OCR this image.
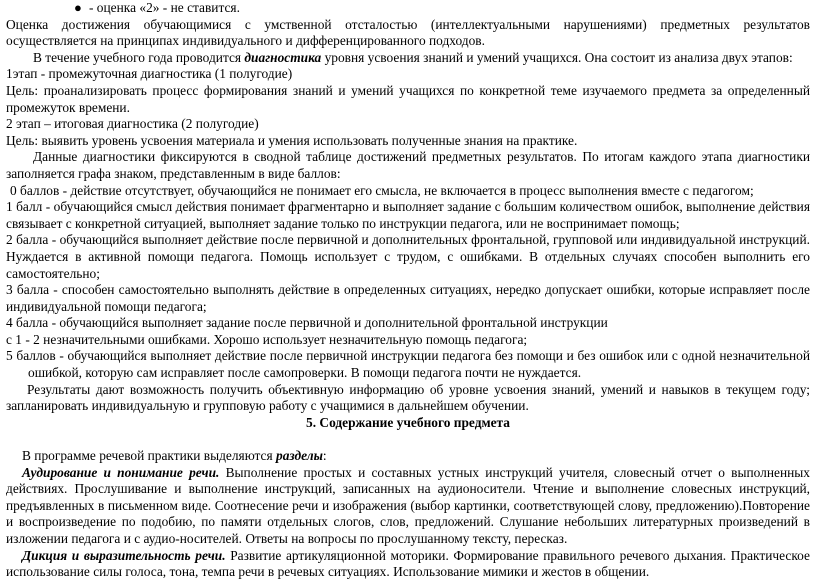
● - оценка «2» - не ставится.

Оценка достижения обучающимися с умственной отсталостью (интеллектуальными нарушениями) предметных результатов осуществляется на принципах индивидуального и дифференцированного подходов.

В течение учебного года проводится диагностика уровня усвоения знаний и умений учащихся. Она состоит из анализа двух этапов:

1этап - промежуточная диагностика (1 полугодие)

Цель: проанализировать процесс формирования знаний и умений учащихся по конкретной теме изучаемого предмета за определенный промежуток времени.

2 этап – итоговая диагностика (2 полугодие)

Цель: выявить уровень усвоения материала и умения использовать полученные знания на практике.

Данные диагностики фиксируются в сводной таблице достижений предметных результатов. По итогам каждого этапа диагностики заполняется графа знаком, представленным в виде баллов:

0 баллов - действие отсутствует, обучающийся не понимает его смысла, не включается в процесс выполнения вместе с педагогом;

1 балл - обучающийся смысл действия понимает фрагментарно и выполняет задание с большим количеством ошибок, выполнение действия связывает с конкретной ситуацией, выполняет задание только по инструкции педагога, или не воспринимает помощь;

2 балла - обучающийся выполняет действие после первичной и дополнительных фронтальной, групповой или индивидуальной инструкций. Нуждается в активной помощи педагога. Помощь использует с трудом, с ошибками. В отдельных случаях способен выполнить его самостоятельно;

3 балла - способен самостоятельно выполнять действие в определенных ситуациях, нередко допускает ошибки, которые исправляет после индивидуальной помощи педагога;

4 балла - обучающийся выполняет задание после первичной и дополнительной фронтальной инструкции

с 1 - 2 незначительными ошибками. Хорошо использует незначительную помощь педагога;

5 баллов - обучающийся выполняет действие после первичной инструкции педагога без помощи и без ошибок или с одной незначительной ошибкой, которую сам исправляет после самопроверки. В помощи педагога почти не нуждается.

Результаты дают возможность получить объективную информацию об уровне усвоения знаний, умений и навыков в текущем году; запланировать индивидуальную и групповую работу с учащимися в дальнейшем обучении.

5. Содержание учебного предмета

В программе речевой практики выделяются разделы:

Аудирование и понимание речи. Выполнение простых и составных устных инструкций учителя, словесный отчет о выполненных действиях. Прослушивание и выполнение инструкций, записанных на аудионосители. Чтение и выполнение словесных инструкций, предъявленных в письменном виде. Соотнесение речи и изображения (выбор картинки, соответствующей слову, предложению).Повторение и воспроизведение по подобию, по памяти отдельных слогов, слов, предложений. Слушание небольших литературных произведений в изложении педагога и с аудио-носителей. Ответы на вопросы по прослушанному тексту, пересказ.

Дикция и выразительность речи. Развитие артикуляционной моторики. Формирование правильного речевого дыхания. Практическое использование силы голоса, тона, темпа речи в речевых ситуациях. Использование мимики и жестов в общении.
